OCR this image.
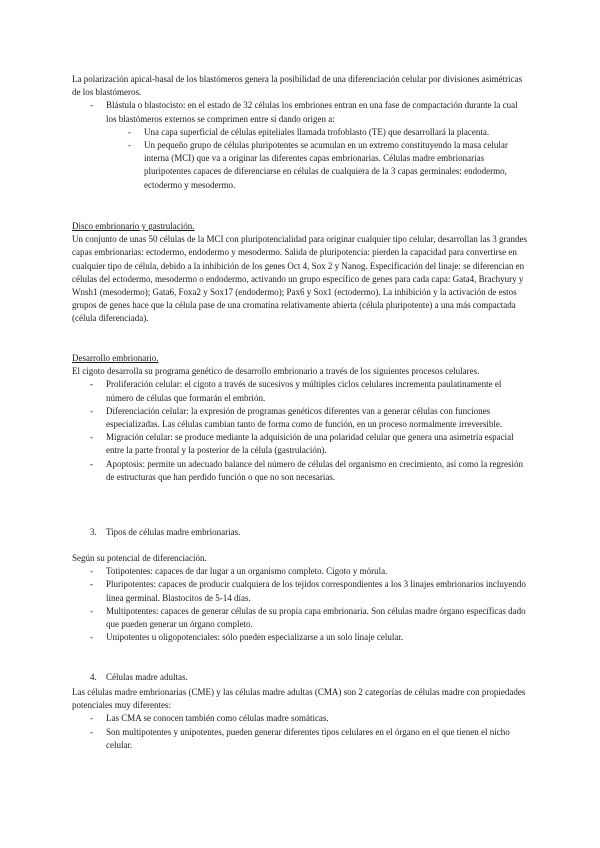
La polarización apical-basal de los blastómeros genera la posibilidad de una diferenciación celular por divisiones asimétricas de los blastómeros.

- Blástula o blastocisto: en el estado de 32 células los embriones entran en una fase de compactación durante la cual los blastómeros externos se comprimen entre sí dando origen a:
- Una capa superficial de células epiteliales llamada trofoblasto (TE) que desarrollará la placenta.
- Un pequeño grupo de células pluripotentes se acumulan en un extremo constituyendo la masa celular interna (MCI) que va a originar las diferentes capas embrionarias. Células madre embrionarias pluripotentes capaces de diferenciarse en células de cualquiera de la 3 capas germinales: endodermo, ectodermo y mesodermo.

Disco embrionario y gastrulación.

Un conjunto de unas 50 células de la MCI con pluripotencialidad para originar cualquier tipo celular, desarrollan las 3 grandes capas embrionarias: ectodermo, endodermo y mesodermo. Salida de pluripotencia: pierden la capacidad para convertirse en cualquier tipo de célula, debido a la inhibición de los genes Oct 4, Sox 2 y Nanog. Especificación del linaje: se diferencian en células del ectodermo, mesodermo o endodermo, activando un grupo específico de genes para cada capa: Gata4, Brachyury y Wnsh1 (mesodermo); Gata6, Foxa2 y Sox17 (endodermo); Pax6 y Sox1 (ectodermo). La inhibición y la activación de estos grupos de genes hace que la célula pase de una cromatina relativamente abierta (célula pluripotente) a una más compactada (célula diferenciada).

Desarrollo embrionario.

El cigoto desarrolla su programa genético de desarrollo embrionario a través de los siguientes procesos celulares.

- Proliferación celular: el cigoto a través de sucesivos y múltiples ciclos celulares incrementa paulatinamente el número de células que formarán el embrión.
- Diferenciación celular: la expresión de programas genéticos diferentes van a generar células con funciones especializadas. Las células cambian tanto de forma como de función, en un proceso normalmente irreversible.
- Migración celular: se produce mediante la adquisición de una polaridad celular que genera una asimetría espacial entre la parte frontal y la posterior de la célula (gastrulación).
- Apoptosis: permite un adecuado balance del número de células del organismo en crecimiento, así como la regresión de estructuras que han perdido función o que no son necesarias.
3. Tipos de células madre embrionarias.

Según su potencial de diferenciación.

- Totipotentes: capaces de dar lugar a un organismo completo. Cigoto y mórula.
- Pluripotentes: capaces de producir cualquiera de los tejidos correspondientes a los 3 linajes embrionarios incluyendo línea germinal. Blastocitos de 5-14 días.
- Multipotentes: capaces de generar células de su propia capa embrionaria. Son células madre órgano específicas dado que pueden generar un órgano completo.
- Unipotentes u oligopotenciales: sólo pueden especializarse a un solo linaje celular.
4. Células madre adultas.

Las células madre embrionarias (CME) y las células madre adultas (CMA) son 2 categorías de células madre con propiedades potenciales muy diferentes:

- Las CMA se conocen también como células madre somáticas.
- Son multipotentes y unipotentes, pueden generar diferentes tipos celulares en el órgano en el que tienen el nicho celular.
